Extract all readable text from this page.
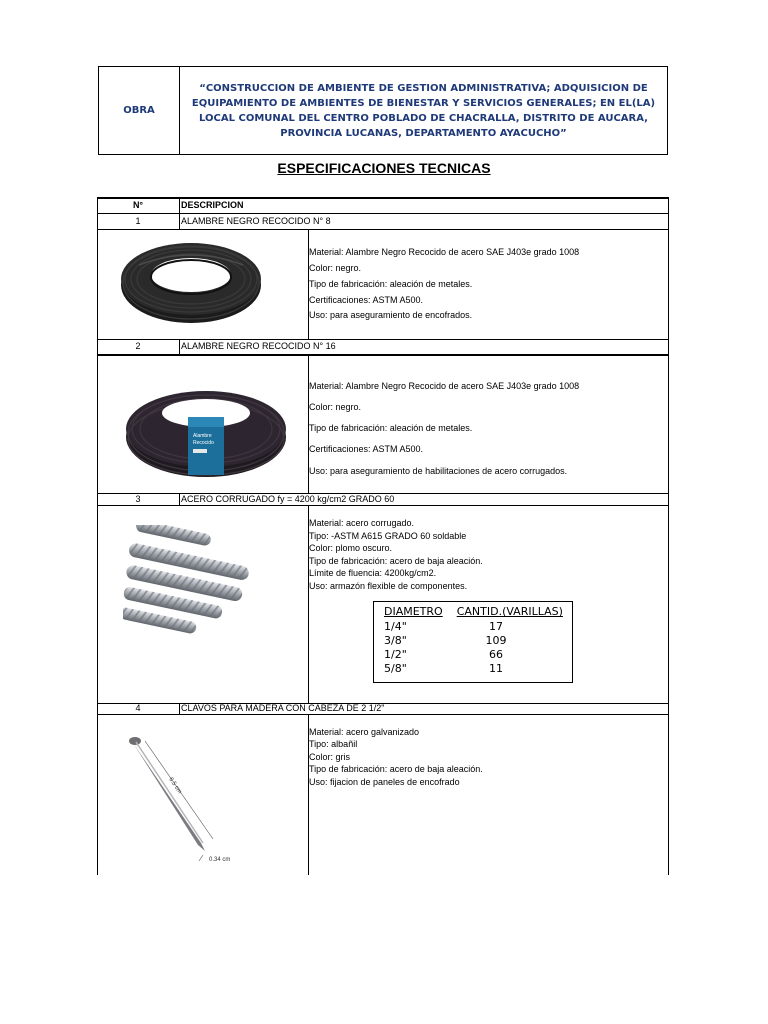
OBRA
“CONSTRUCCION DE AMBIENTE DE GESTION ADMINISTRATIVA; ADQUISICION DE EQUIPAMIENTO DE AMBIENTES DE BIENESTAR Y SERVICIOS GENERALES; EN EL(LA) LOCAL COMUNAL DEL CENTRO POBLADO DE CHACRALLA, DISTRITO DE AUCARA, PROVINCIA LUCANAS, DEPARTAMENTO AYACUCHO”
ESPECIFICACIONES TECNICAS
N°	DESCRIPCION
1	ALAMBRE NEGRO RECOCIDO N° 8
Material: Alambre Negro Recocido de acero SAE J403e grado 1008
Color: negro.
Tipo de fabricación: aleación de metales.
Certificaciones: ASTM A500.
Uso: para aseguramiento de encofrados.
2	ALAMBRE NEGRO RECOCIDO N° 16
Material: Alambre Negro Recocido de acero SAE J403e grado 1008
Color: negro.
Tipo de fabricación: aleación de metales.
Certificaciones: ASTM A500.
Uso: para aseguramiento de habilitaciones de acero corrugados.
3	ACERO CORRUGADO fy = 4200 kg/cm2 GRADO 60
Material: acero corrugado.
Tipo: -ASTM A615 GRADO 60 soldable
Color: plomo oscuro.
Tipo de fabricación: acero de baja aleación.
Límite de fluencia: 4200kg/cm2.
Uso: armazón flexible de componentes.
DIAMETRO CANTID.(VARILLAS)
1/4"	17
3/8"	109
1/2"	66
5/8"	11
4	CLAVOS PARA MADERA CON CABEZA DE 2 1/2"
Material: acero galvanizado
Tipo: albañil
Color: gris
Tipo de fabricación: acero de baja aleación.
Uso: fijacion de paneles de encofrado
Alambre
Recocido
6.5 cm
0.34 cm
